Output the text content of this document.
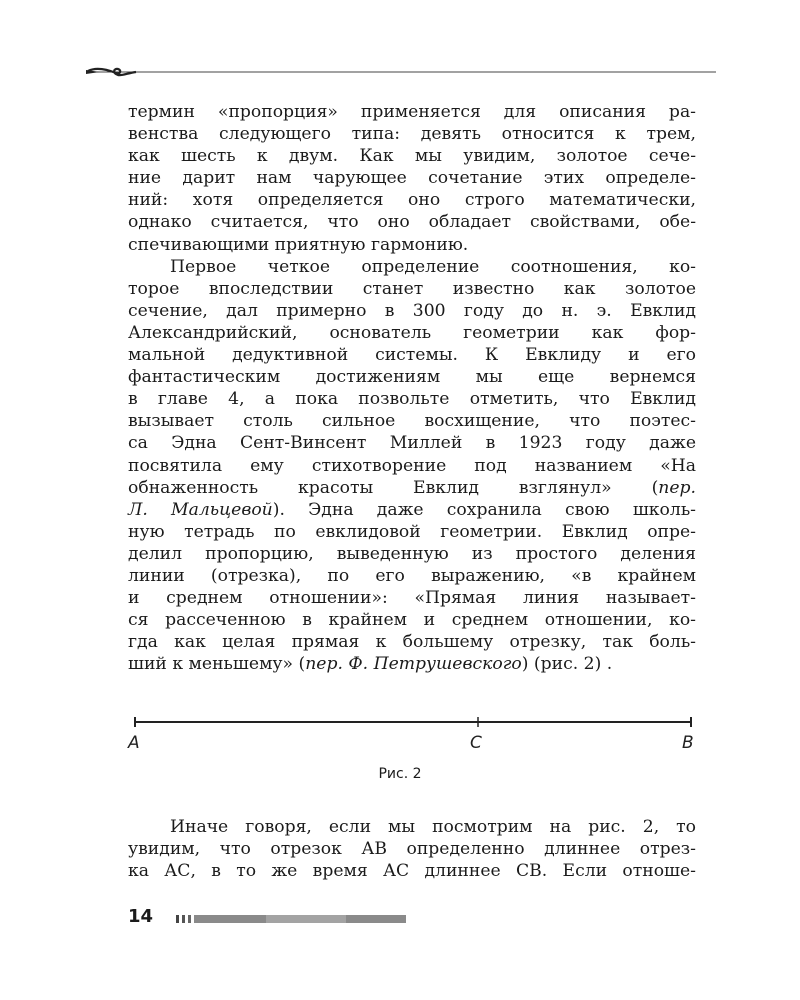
термин «пропорция» применяется для описания ра-
венства следующего типа: девять относится к трем,
как шесть к двум. Как мы увидим, золотое сече-
ние дарит нам чарующее сочетание этих определе-
ний: хотя определяется оно строго математически,
однако считается, что оно обладает свойствами, обе-
спечивающими приятную гармонию.
Первое четкое определение соотношения, ко-
торое впоследствии станет известно как золотое
сечение, дал примерно в 300 году до н. э. Евклид
Александрийский, основатель геометрии как фор-
мальной дедуктивной системы. К Евклиду и его
фантастическим достижениям мы еще вернемся
в главе 4, а пока позвольте отметить, что Евклид
вызывает столь сильное восхищение, что поэтес-
са Эдна Сент-Винсент Миллей в 1923 году даже
посвятила ему стихотворение под названием «На
обнаженность красоты Евклид взглянул» (пер.
Л. Мальцевой). Эдна даже сохранила свою школь-
ную тетрадь по евклидовой геометрии. Евклид опре-
делил пропорцию, выведенную из простого деления
линии (отрезка), по его выражению, «в крайнем
и среднем отношении»: «Прямая линия называет-
ся рассеченною в крайнем и среднем отношении, ко-
гда как целая прямая к большему отрезку, так боль-
ший к меньшему» (пер. Ф. Петрушевского) (рис. 2) .
A	C	B
Рис. 2
Иначе говоря, если мы посмотрим на рис. 2, то
увидим, что отрезок АВ определенно длиннее отрез-
ка АС, в то же время АС длиннее СВ. Если отноше-
14
